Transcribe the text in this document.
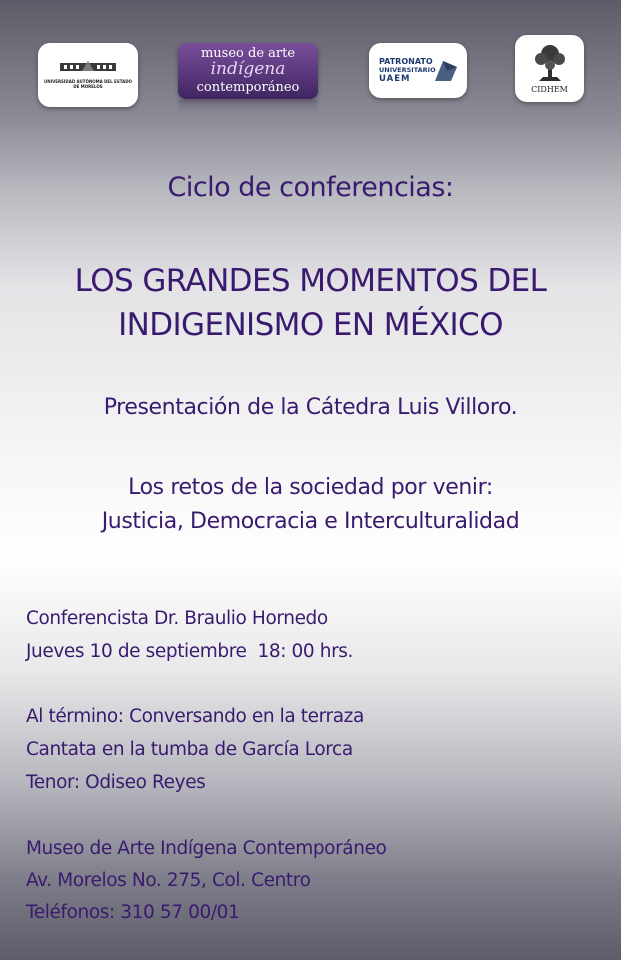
UNIVERSIDAD AUTÓNOMA DEL ESTADO DE MORELOS
museo de arte
indígena
contemporáneo
PATRONATO
UNIVERSITARIO
UAEM
CIDHEM

Ciclo de conferencias:

LOS GRANDES MOMENTOS DEL

INDIGENISMO EN MÉXICO

Presentación de la Cátedra Luis Villoro.

Los retos de la sociedad por venir:

Justicia, Democracia e Interculturalidad

Conferencista Dr. Braulio Hornedo

Jueves 10 de septiembre  18: 00 hrs.

Al término: Conversando en la terraza

Cantata en la tumba de García Lorca

Tenor: Odiseo Reyes

Museo de Arte Indígena Contemporáneo

Av. Morelos No. 275, Col. Centro

Teléfonos: 310 57 00/01
